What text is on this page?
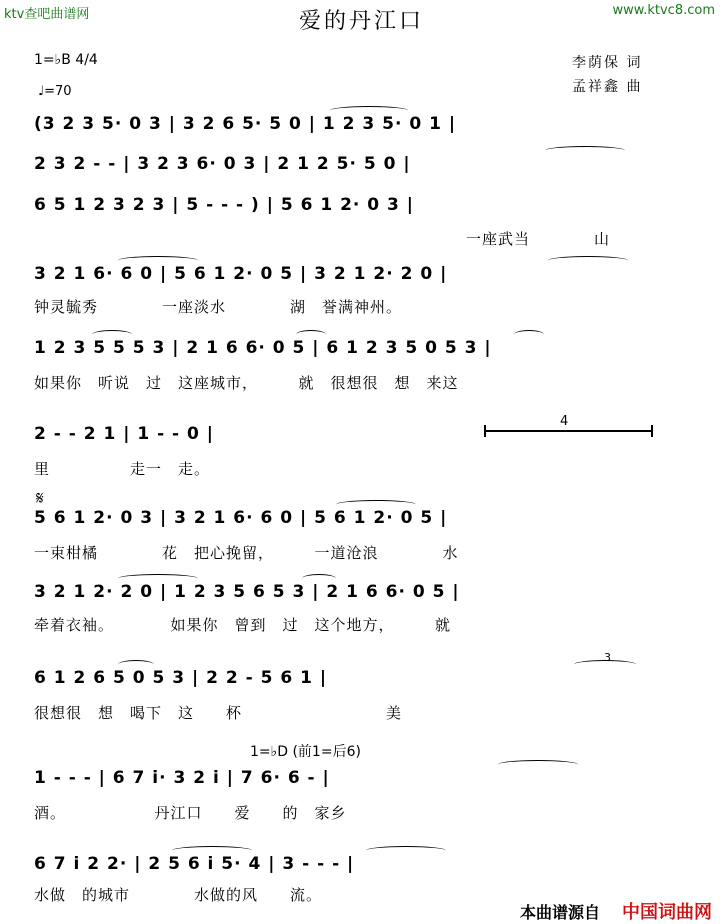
ktv查吧曲谱网	www.ktvc8.com
爱的丹江口
李荫保 词
孟祥鑫 曲
1=♭B 4/4
♩=70
(3 2 3 5· 0 3 | 3 2 6 5· 5 0 | 1 2 3 5· 0 1 |
2 3 2 - - | 3 2 3 6· 0 3 | 2 1 2 5· 5 0 |
6 5 1 2 3 2 3 | 5 - - - ) | 5 6 1 2· 0 3 |
一座武当　　　　山
3 2 1 6· 6 0 | 5 6 1 2· 0 5 | 3 2 1 2· 2 0 |
钟灵毓秀　　　　一座淡水　　　　湖　誉满神州。
1 2 3 5 5 5 3 | 2 1 6 6· 0 5 | 6 1 2 3 5 0 5 3 |
如果你　听说　过　这座城市，　　　就　很想很　想　来这
2 - - 2 1 | 1 - - 0 |
4
里　　　　　走一　走。
𝄋
5 6 1 2· 0 3 | 3 2 1 6· 6 0 | 5 6 1 2· 0 5 |
一束柑橘　　　　花　把心挽留，　　　一道沧浪　　　　水
3 2 1 2· 2 0 | 1 2 3 5 6 5 3 | 2 1 6 6· 0 5 |
牵着衣袖。　　　　如果你　曾到　过　这个地方，　　　就
6 1 2 6 5 0 5 3 | 2 2 - 5 6 1 |
3
很想很　想　喝下　这　　杯　　　　　　　　　美
1=♭D (前1=后6)
1 - - - | 6 7 i· 3 2 i | 7 6· 6 - |
酒。　　　　　　丹江口　　爱　　的　家乡
6 7 i 2 2· | 2 5 6 i 5· 4 | 3 - - - |
水做　的城市　　　　水做的风　　流。
本曲谱源自 中国词曲网
